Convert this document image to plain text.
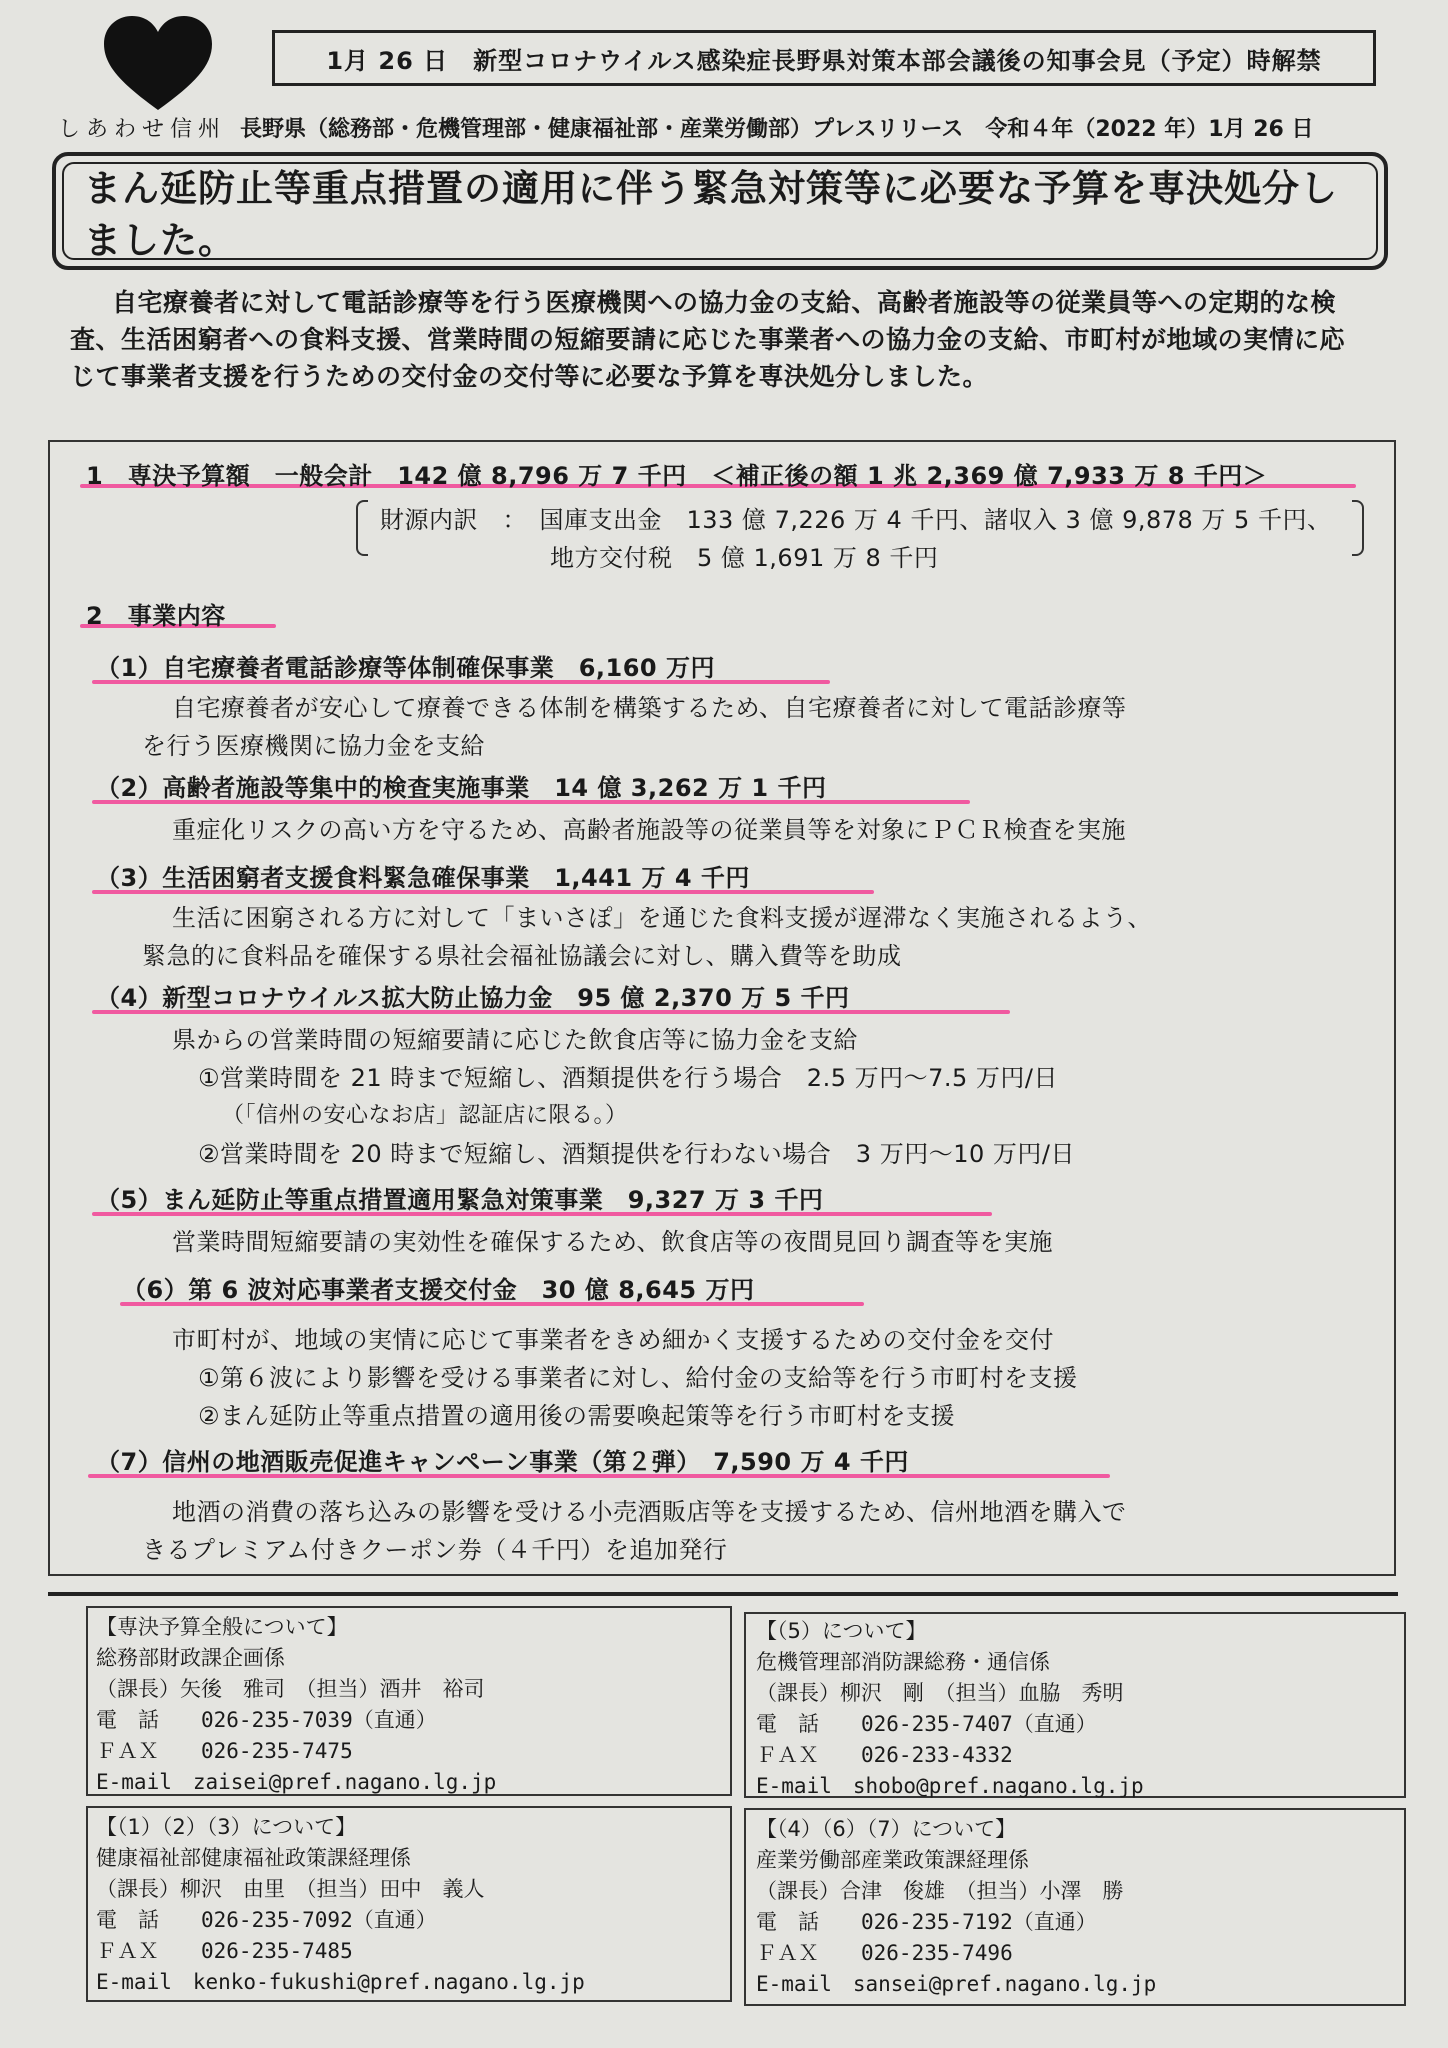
1月 26 日　新型コロナウイルス感染症長野県対策本部会議後の知事会見（予定）時解禁
しあわせ信州 長野県（総務部・危機管理部・健康福祉部・産業労働部）プレスリリース　令和４年（2022 年）1月 26 日
まん延防止等重点措置の適用に伴う緊急対策等に必要な予算を専決処分しました。
自宅療養者に対して電話診療等を行う医療機関への協力金の支給、高齢者施設等の従業員等への定期的な検査、生活困窮者への食料支援、営業時間の短縮要請に応じた事業者への協力金の支給、市町村が地域の実情に応じて事業者支援を行うための交付金の交付等に必要な予算を専決処分しました。
1　専決予算額　一般会計　142 億 8,796 万 7 千円　＜補正後の額 1 兆 2,369 億 7,933 万 8 千円＞
財源内訳　：　国庫支出金　133 億 7,226 万 4 千円、諸収入 3 億 9,878 万 5 千円、
地方交付税　5 億 1,691 万 8 千円
2　事業内容
（1）自宅療養者電話診療等体制確保事業　6,160 万円
自宅療養者が安心して療養できる体制を構築するため、自宅療養者に対して電話診療等
を行う医療機関に協力金を支給
（2）高齢者施設等集中的検査実施事業　14 億 3,262 万 1 千円
重症化リスクの高い方を守るため、高齢者施設等の従業員等を対象にＰＣＲ検査を実施
（3）生活困窮者支援食料緊急確保事業　1,441 万 4 千円
生活に困窮される方に対して「まいさぽ」を通じた食料支援が遅滞なく実施されるよう、
緊急的に食料品を確保する県社会福祉協議会に対し、購入費等を助成
（4）新型コロナウイルス拡大防止協力金　95 億 2,370 万 5 千円
県からの営業時間の短縮要請に応じた飲食店等に協力金を支給
①営業時間を 21 時まで短縮し、酒類提供を行う場合　2.5 万円～7.5 万円/日
（「信州の安心なお店」認証店に限る。）
②営業時間を 20 時まで短縮し、酒類提供を行わない場合　3 万円～10 万円/日
（5）まん延防止等重点措置適用緊急対策事業　9,327 万 3 千円
営業時間短縮要請の実効性を確保するため、飲食店等の夜間見回り調査等を実施
（6）第 6 波対応事業者支援交付金　30 億 8,645 万円
市町村が、地域の実情に応じて事業者をきめ細かく支援するための交付金を交付
①第６波により影響を受ける事業者に対し、給付金の支給等を行う市町村を支援
②まん延防止等重点措置の適用後の需要喚起策等を行う市町村を支援
（7）信州の地酒販売促進キャンペーン事業（第２弾）　7,590 万 4 千円
地酒の消費の落ち込みの影響を受ける小売酒販店等を支援するため、信州地酒を購入で
きるプレミアム付きクーポン券（４千円）を追加発行
【専決予算全般について】
総務部財政課企画係
（課長）矢後　雅司　（担当）酒井　裕司
電　話　　026-235-7039（直通）
ＦＡＸ　　026-235-7475
E-mail　zaisei@pref.nagano.lg.jp
【（5）について】
危機管理部消防課総務・通信係
（課長）柳沢　剛　（担当）血脇　秀明
電　話　　026-235-7407（直通）
ＦＡＸ　　026-233-4332
E-mail　shobo@pref.nagano.lg.jp
【（1）（2）（3）について】
健康福祉部健康福祉政策課経理係
（課長）柳沢　由里　（担当）田中　義人
電　話　　026-235-7092（直通）
ＦＡＸ　　026-235-7485
E-mail　kenko-fukushi@pref.nagano.lg.jp
【（4）（6）（7）について】
産業労働部産業政策課経理係
（課長）合津　俊雄　（担当）小澤　勝
電　話　　026-235-7192（直通）
ＦＡＸ　　026-235-7496
E-mail　sansei@pref.nagano.lg.jp
